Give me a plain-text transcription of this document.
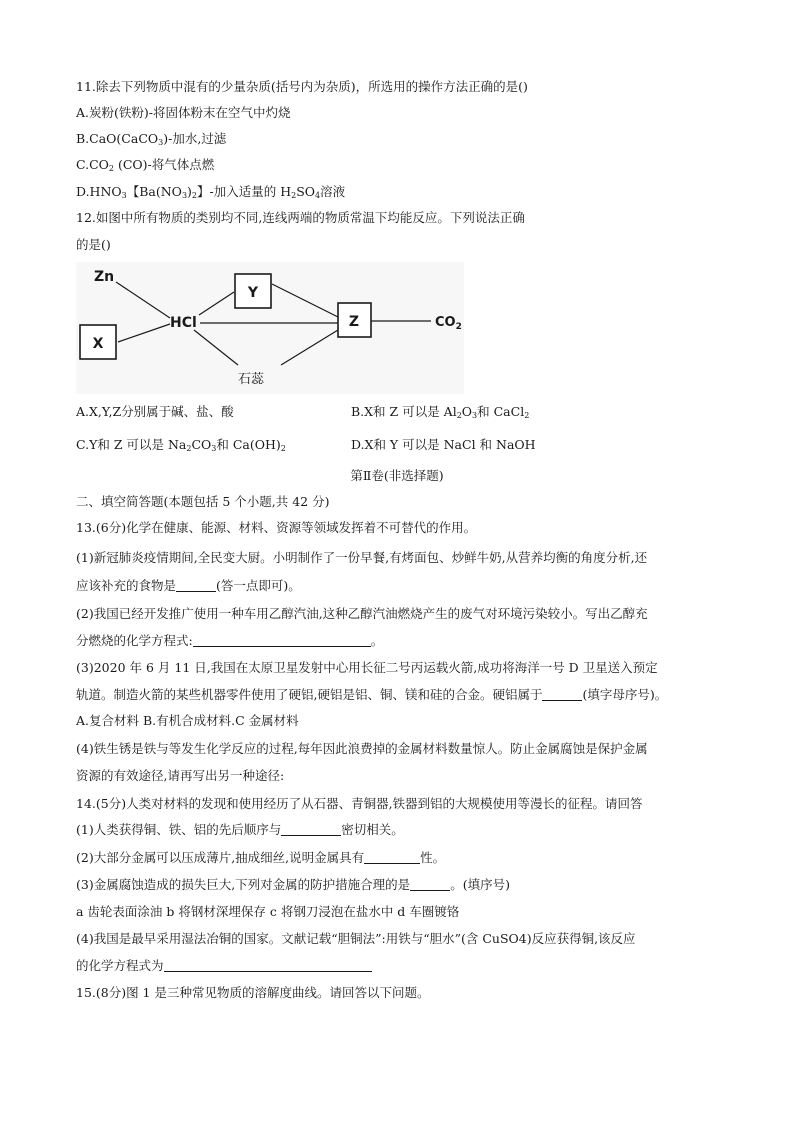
11.除去下列物质中混有的少量杂质(括号内为杂质)，所选用的操作方法正确的是()
A.炭粉(铁粉)-将固体粉末在空气中灼烧
B.CaO(CaCO$_3$)-加水,过滤
$C.CO_2$ (CO)-将气体点燃
$D.HNO_3$【$Ba(NO_3)_2$】-加入适量的 $H_2SO_4$溶液
12.如图中所有物质的类别均不同,连线两端的物质常温下均能反应。下列说法正确
的是()
Zn
X
Y
HCl	Z	$CO_2$
石蕊
A.X,Y,Z分别属于碱、盐、酸	B.X和 Z 可以是 $Al_2O_3$和 CaCl$_2$
C.Y和 Z 可以是 $Na_2CO_3$和 $Ca(OH)_2$	D.X和 Y 可以是 NaCl 和 NaOH
第Ⅱ卷(非选择题)
二、填空简答题(本题包括 5 个小题,共 42 分)
13.(6分)化学在健康、能源、材料、资源等领域发挥着不可替代的作用。
(1)新冠肺炎疫情期间,全民变大厨。小明制作了一份早餐,有烤面包、炒鲜牛奶,从营养均衡的角度分析,还
应该补充的食物是	(答一点即可)。
(2)我国已经开发推广使用一种车用乙醇汽油,这种乙醇汽油燃烧产生的废气对环境污染较小。写出乙醇充
分燃烧的化学方程式:	。
(3)2020 年 6 月 11 日,我国在太原卫星发射中心用长征二号丙运载火箭,成功将海洋一号 D 卫星送入预定
轨道。制造火箭的某些机器零件使用了硬铝,硬铝是铝、铜、镁和硅的合金。硬铝属于	(填字母序号)。
A.复合材料 B.有机合成材料.C 金属材料
(4)铁生锈是铁与等发生化学反应的过程,每年因此浪费掉的金属材料数量惊人。防止金属腐蚀是保护金属
资源的有效途径,请再写出另一种途径:
14.(5分)人类对材料的发现和使用经历了从石器、青铜器,铁器到铝的大规模使用等漫长的征程。请回答
(1)人类获得铜、铁、铝的先后顺序与	密切相关。
(2)大部分金属可以压成薄片,抽成细丝,说明金属具有	性。
(3)金属腐蚀造成的损失巨大,下列对金属的防护措施合理的是	。(填序号)
a 齿轮表面涂油 b 将钢材深埋保存 c 将钢刀浸泡在盐水中 d 车圈镀铬
(4)我国是最早采用湿法冶铜的国家。文献记载“胆铜法”:用铁与“胆水”(含 CuSO4)反应获得铜,该反应
的化学方程式为
15.(8分)图 1 是三种常见物质的溶解度曲线。请回答以下问题。
